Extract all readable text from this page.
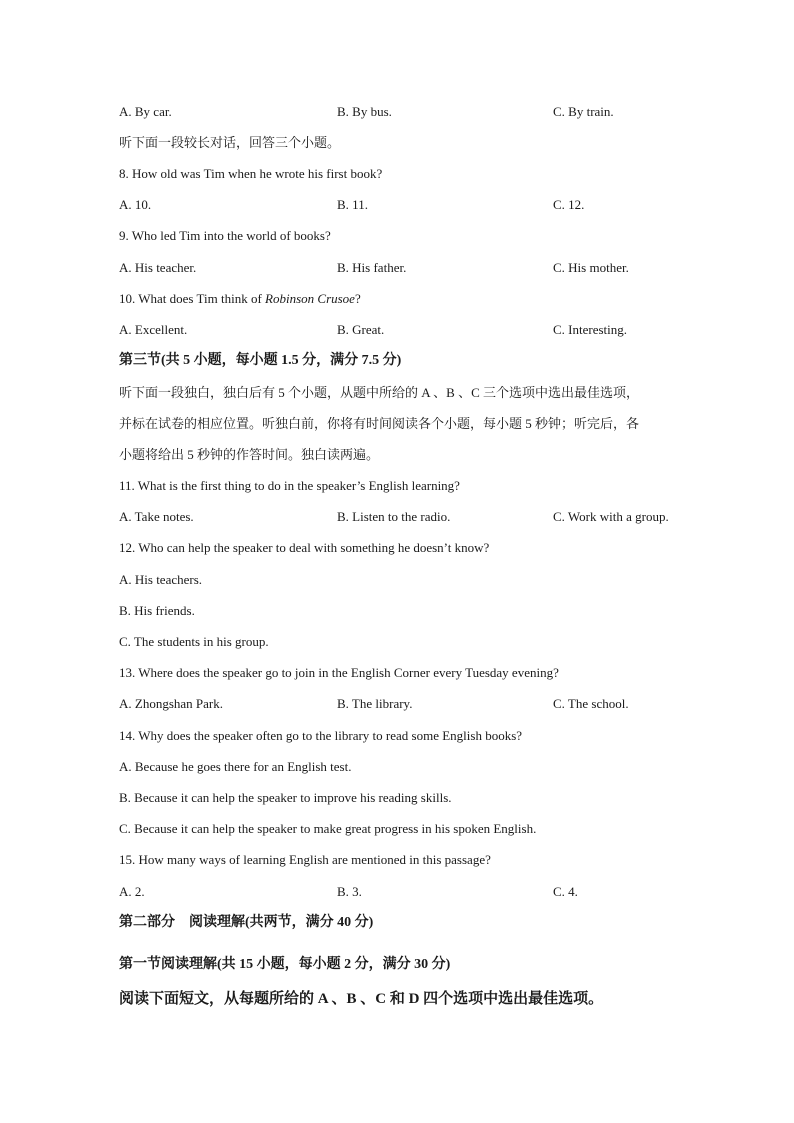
A. By car.	B. By bus.	C. By train.
听下面一段较长对话，回答三个小题。
8. How old was Tim when he wrote his first book?
A. 10.	B. 11.	C. 12.
9. Who led Tim into the world of books?
A. His teacher.	B. His father.	C. His mother.
10. What does Tim think of Robinson Crusoe?
A. Excellent.	B. Great.	C. Interesting.
第三节(共 5 小题，每小题 1.5 分，满分 7.5 分)
听下面一段独白，独白后有 5 个小题，从题中所给的 A 、B 、C 三个选项中选出最佳选项，
并标在试卷的相应位置。听独白前，你将有时间阅读各个小题，每小题 5 秒钟；听完后，各
小题将给出 5 秒钟的作答时间。独白读两遍。
11. What is the first thing to do in the speaker’s English learning?
A. Take notes.	B. Listen to the radio.	C. Work with a group.
12. Who can help the speaker to deal with something he doesn’t know?
A. His teachers.
B. His friends.
C. The students in his group.
13. Where does the speaker go to join in the English Corner every Tuesday evening?
A. Zhongshan Park.	B. The library.	C. The school.
14. Why does the speaker often go to the library to read some English books?
A. Because he goes there for an English test.
B. Because it can help the speaker to improve his reading skills.
C. Because it can help the speaker to make great progress in his spoken English.
15. How many ways of learning English are mentioned in this passage?
A. 2.	B. 3.	C. 4.
第二部分　阅读理解(共两节，满分 40 分)
第一节阅读理解(共 15 小题，每小题 2 分，满分 30 分)
阅读下面短文，从每题所给的 A 、B 、C 和 D 四个选项中选出最佳选项。
